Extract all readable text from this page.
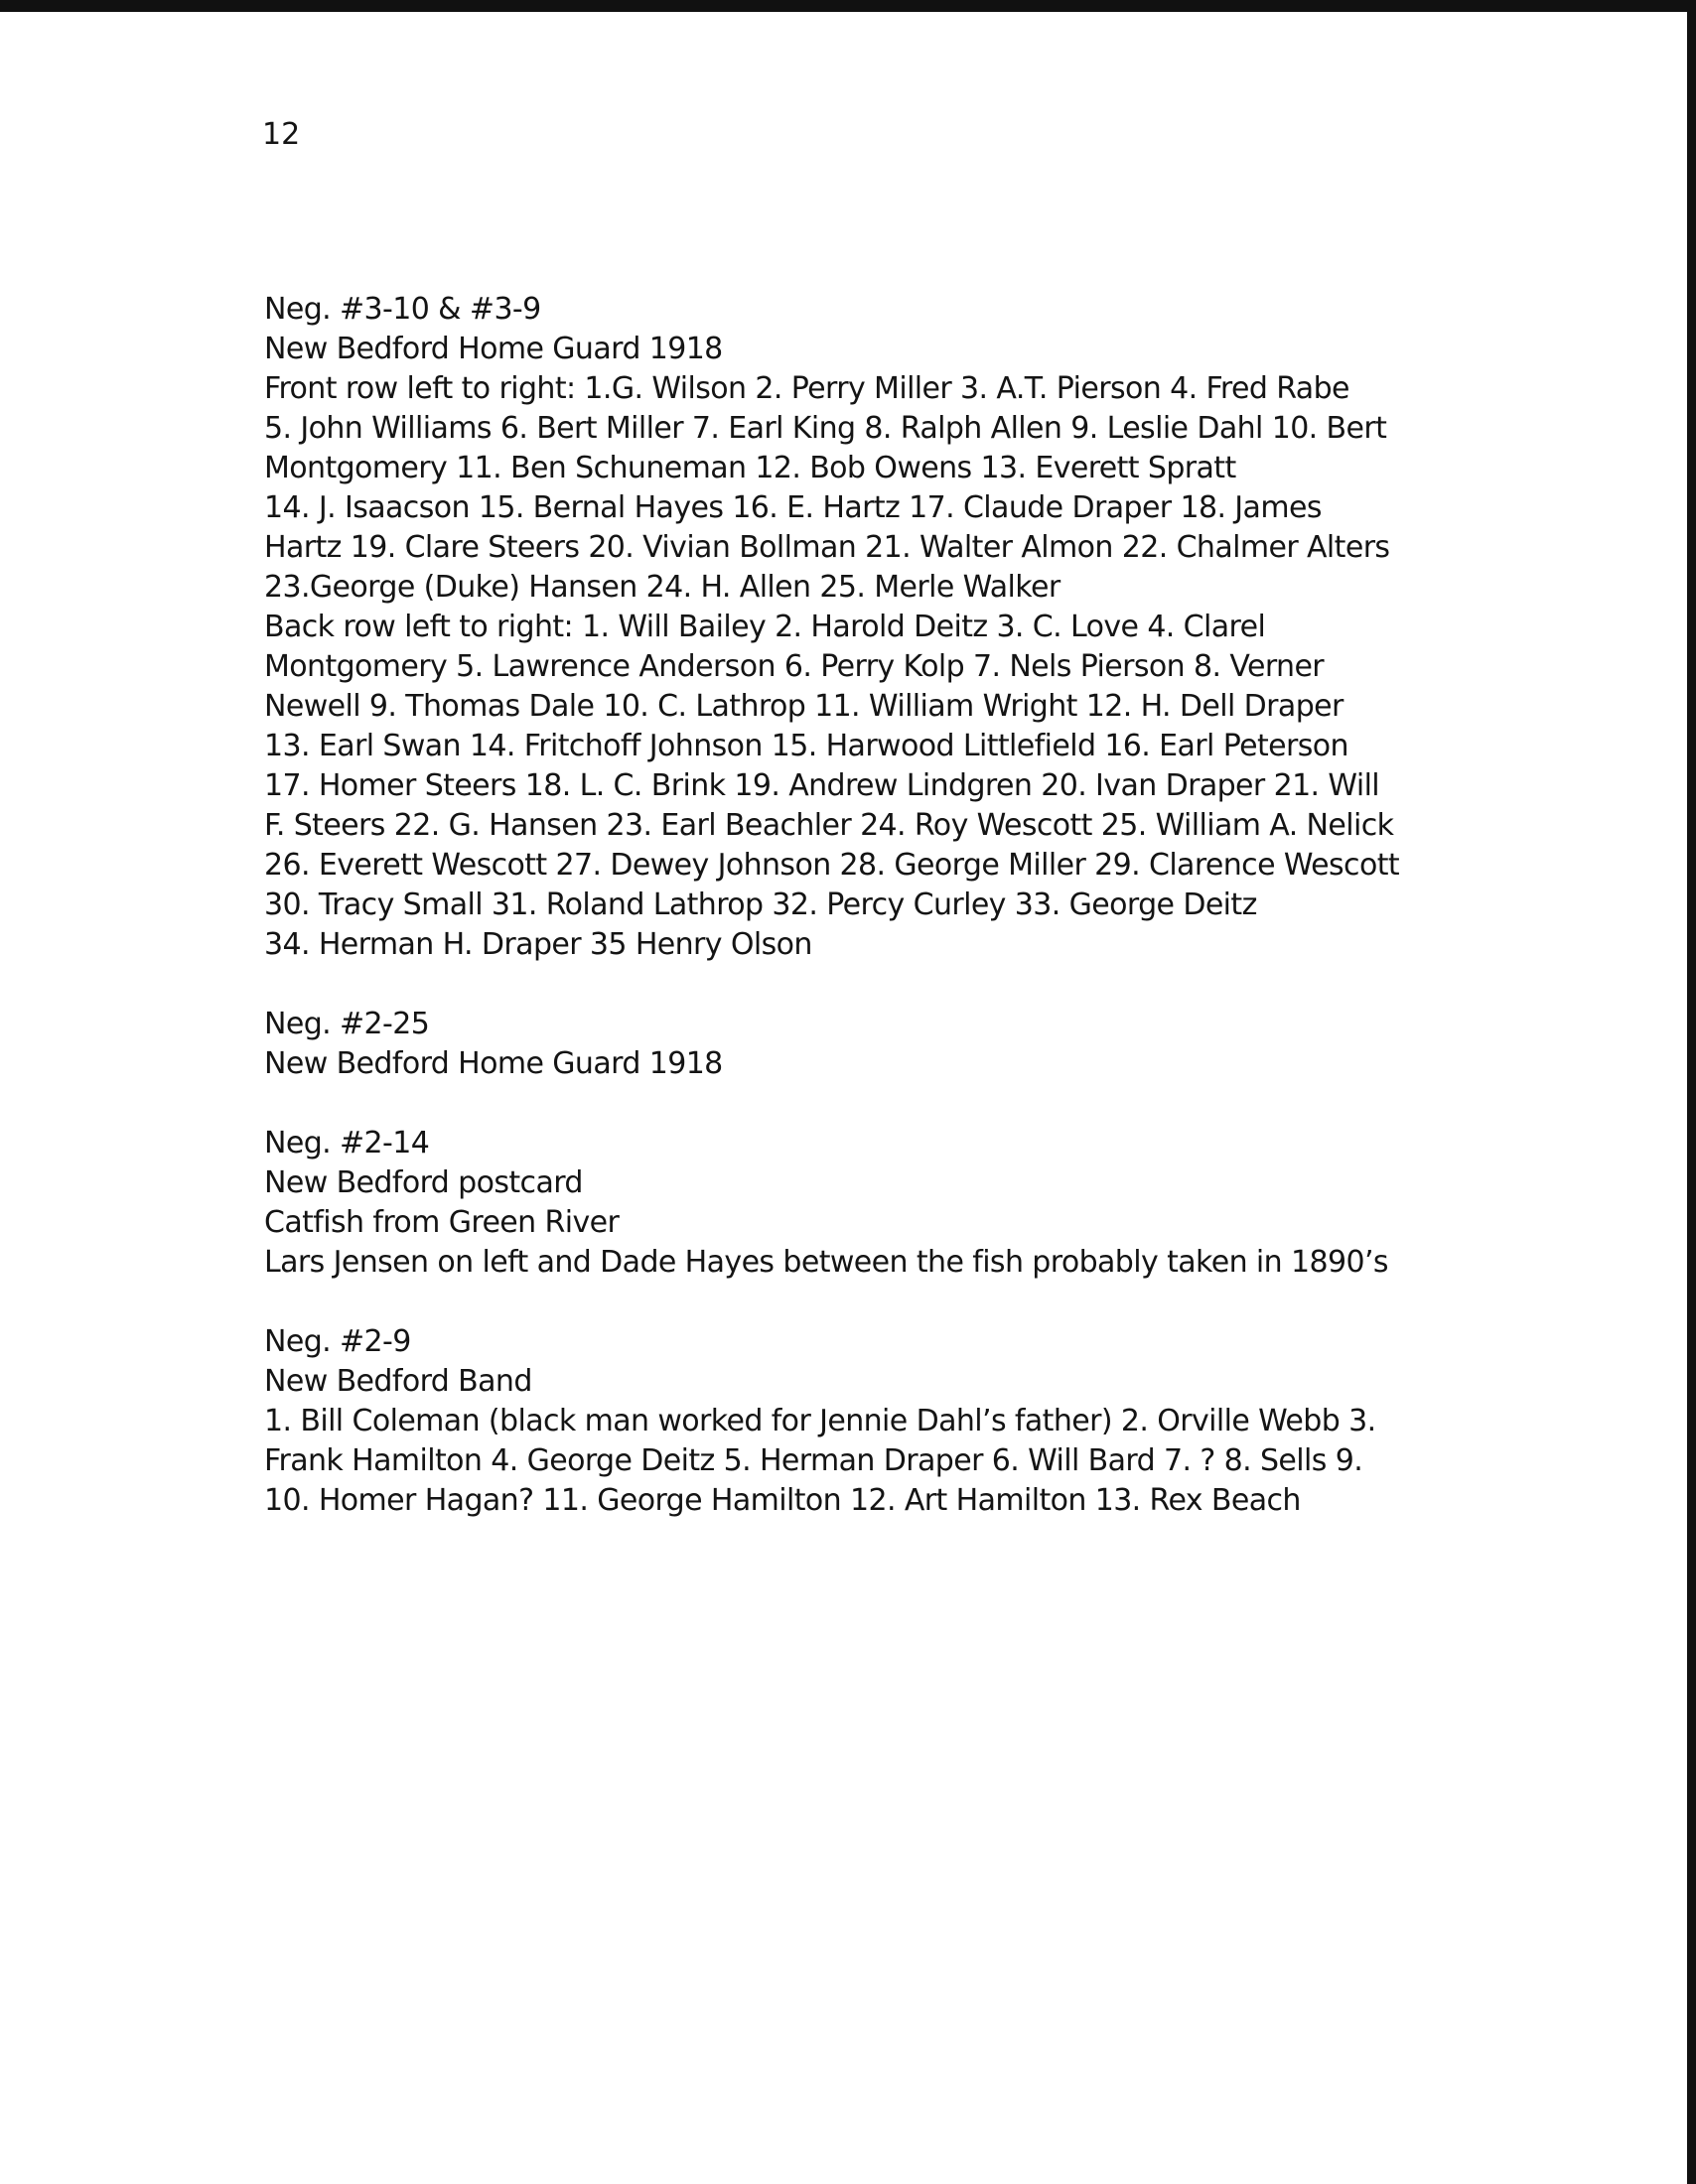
12

Neg. #3-10 & #3-9

New Bedford Home Guard 1918

Front row left to right: 1.G. Wilson 2. Perry Miller 3. A.T. Pierson 4. Fred Rabe

5. John Williams 6. Bert Miller 7. Earl King 8. Ralph Allen 9. Leslie Dahl 10. Bert

Montgomery 11. Ben Schuneman 12. Bob Owens 13. Everett Spratt

14. J. Isaacson 15. Bernal Hayes 16. E. Hartz 17. Claude Draper 18. James

Hartz 19. Clare Steers 20. Vivian Bollman 21. Walter Almon 22. Chalmer Alters

23.George (Duke) Hansen 24. H. Allen 25. Merle Walker

Back row left to right: 1. Will Bailey 2. Harold Deitz 3. C. Love 4. Clarel

Montgomery 5. Lawrence Anderson 6. Perry Kolp 7. Nels Pierson 8. Verner

Newell 9. Thomas Dale 10. C. Lathrop 11. William Wright 12. H. Dell Draper

13. Earl Swan 14. Fritchoff Johnson 15. Harwood Littlefield 16. Earl Peterson

17. Homer Steers 18. L. C. Brink 19. Andrew Lindgren 20. Ivan Draper 21. Will

F. Steers 22. G. Hansen 23. Earl Beachler 24. Roy Wescott 25. William A. Nelick

26. Everett Wescott 27. Dewey Johnson 28. George Miller 29. Clarence Wescott

30. Tracy Small 31. Roland Lathrop 32. Percy Curley 33. George Deitz

34. Herman H. Draper 35 Henry Olson

Neg. #2-25

New Bedford Home Guard 1918

Neg. #2-14

New Bedford postcard

Catfish from Green River

Lars Jensen on left and Dade Hayes between the fish probably taken in 1890’s

Neg. #2-9

New Bedford Band

1. Bill Coleman (black man worked for Jennie Dahl’s father) 2. Orville Webb 3.

Frank Hamilton 4. George Deitz 5. Herman Draper 6. Will Bard 7. ? 8. Sells 9.

10. Homer Hagan? 11. George Hamilton 12. Art Hamilton 13. Rex Beach
